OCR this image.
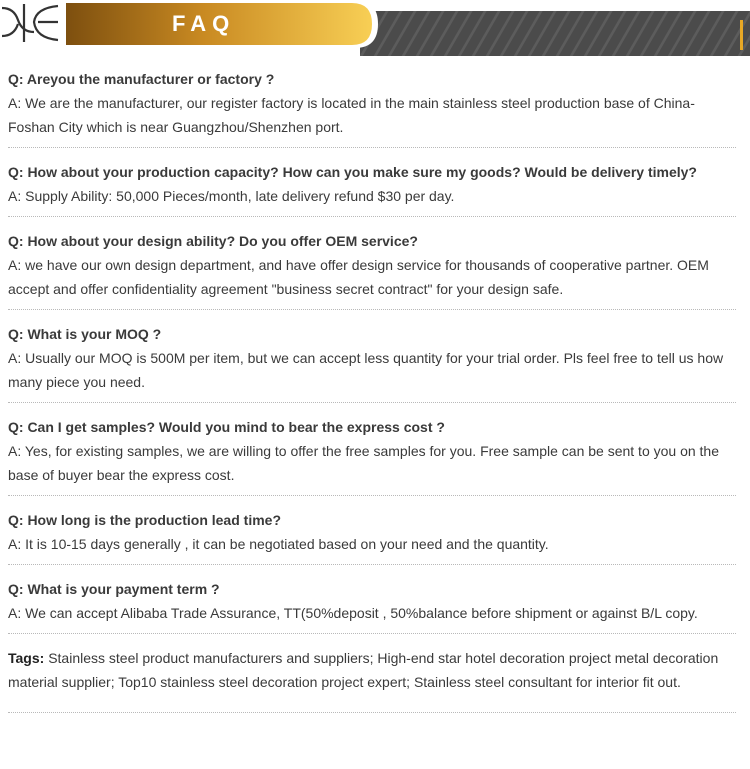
FAQ
Q: Areyou the manufacturer or factory ?
A: We are the manufacturer, our register factory is located in the main stainless steel production base of China-Foshan City which is near Guangzhou/Shenzhen port.
Q: How about your production capacity? How can you make sure my goods? Would be delivery timely?
A: Supply Ability: 50,000 Pieces/month, late delivery refund $30 per day.
Q: How about your design ability? Do you offer OEM service?
A: we have our own design department, and have offer design service for thousands of cooperative partner. OEM accept and offer confidentiality agreement "business secret contract" for your design safe.
Q: What is your MOQ ?
A: Usually our MOQ is 500M per item, but we can accept less quantity for your trial order. Pls feel free to tell us how many piece you need.
Q: Can I get samples? Would you mind to bear the express cost ?
A: Yes, for existing samples, we are willing to offer the free samples for you. Free sample can be sent to you on the base of buyer bear the express cost.
Q: How long is the production lead time?
A: It is 10-15 days generally , it can be negotiated based on your need and the quantity.
Q: What is your payment term ?
A: We can accept Alibaba Trade Assurance, TT(50%deposit , 50%balance before shipment or against B/L copy.
Tags: Stainless steel product manufacturers and suppliers; High-end star hotel decoration project metal decoration material supplier; Top10 stainless steel decoration project expert; Stainless steel consultant for interior fit out.
